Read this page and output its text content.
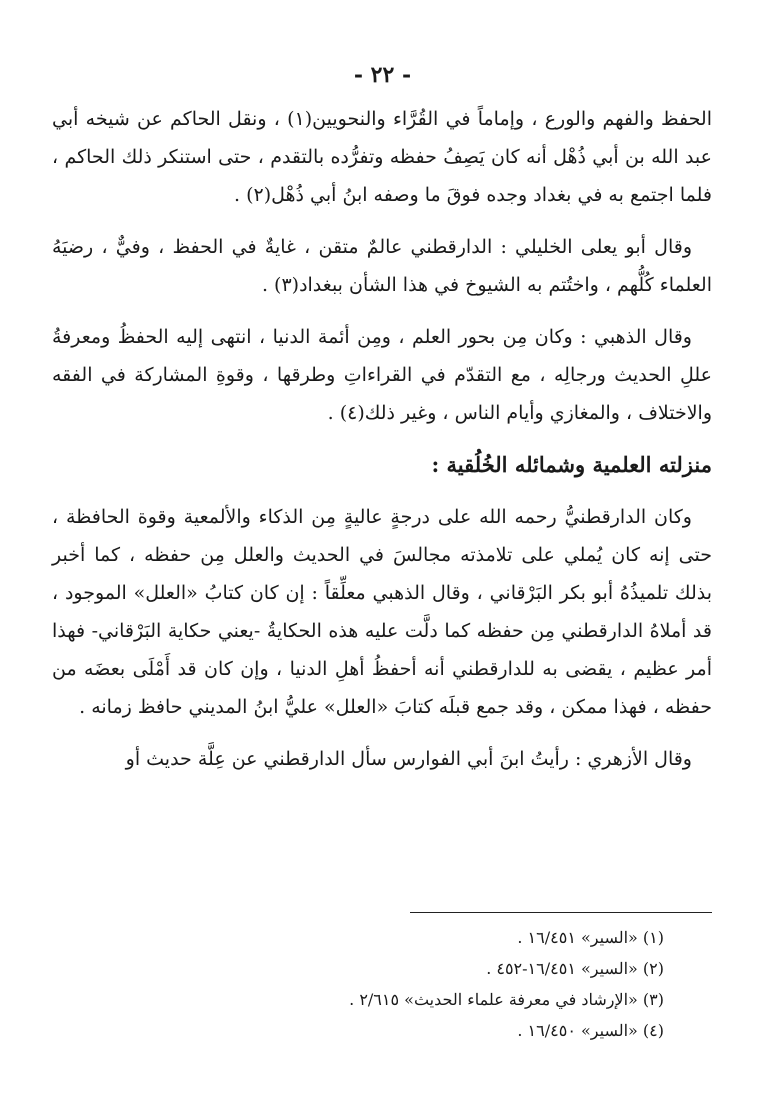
- ٢٢ -

الحفظ والفهم والورع ، وإماماً في القُرَّاء والنحويين(١) ، ونقل الحاكم عن شيخه أبي عبد الله بن أبي ذُهْل أنه كان يَصِفُ حفظه وتفرُّده بالتقدم ، حتى استنكر ذلك الحاكم ، فلما اجتمع به في بغداد وجده فوقَ ما وصفه ابنُ أبي ذُهْل(٢) .

وقال أبو يعلى الخليلي : الدارقطني عالمٌ متقن ، غايةٌ في الحفظ ، وفيٌّ ، رضيَهُ العلماء كُلُّهم ، واختُتم به الشيوخ في هذا الشأن ببغداد(٣) .

وقال الذهبي : وكان مِن بحور العلم ، ومِن أئمة الدنيا ، انتهى إليه الحفظُ ومعرفةُ عللِ الحديث ورجالِه ، مع التقدّم في القراءاتِ وطرقها ، وقوةِ المشاركة في الفقه والاختلاف ، والمغازي وأيام الناس ، وغير ذلك(٤) .

منزلته العلمية وشمائله الخُلُقية :

وكان الدارقطنيُّ رحمه الله على درجةٍ عاليةٍ مِن الذكاء والألمعية وقوة الحافظة ، حتى إنه كان يُملي على تلامذته مجالسَ في الحديث والعلل مِن حفظه ، كما أخبر بذلك تلميذُهُ أبو بكر البَرْقاني ، وقال الذهبي معلِّقاً : إن كان كتابُ «العلل» الموجود ، قد أملاهُ الدارقطني مِن حفظه كما دلَّت عليه هذه الحكايةُ -يعني حكاية البَرْقاني- فهذا أمر عظيم ، يقضى به للدارقطني أنه أحفظُ أهلِ الدنيا ، وإن كان قد أَمْلَى بعضَه من حفظه ، فهذا ممكن ، وقد جمع قبلَه كتابَ «العلل» عليُّ ابنُ المديني حافظ زمانه .

وقال الأزهري : رأيتُ ابنَ أبي الفوارس سأل الدارقطني عن عِلَّة حديث أو

(١) «السير» ١٦/٤٥١ .

(٢) «السير» ١٦/٤٥١-٤٥٢ .

(٣) «الإرشاد في معرفة علماء الحديث» ٢/٦١٥ .

(٤) «السير» ١٦/٤٥٠ .
